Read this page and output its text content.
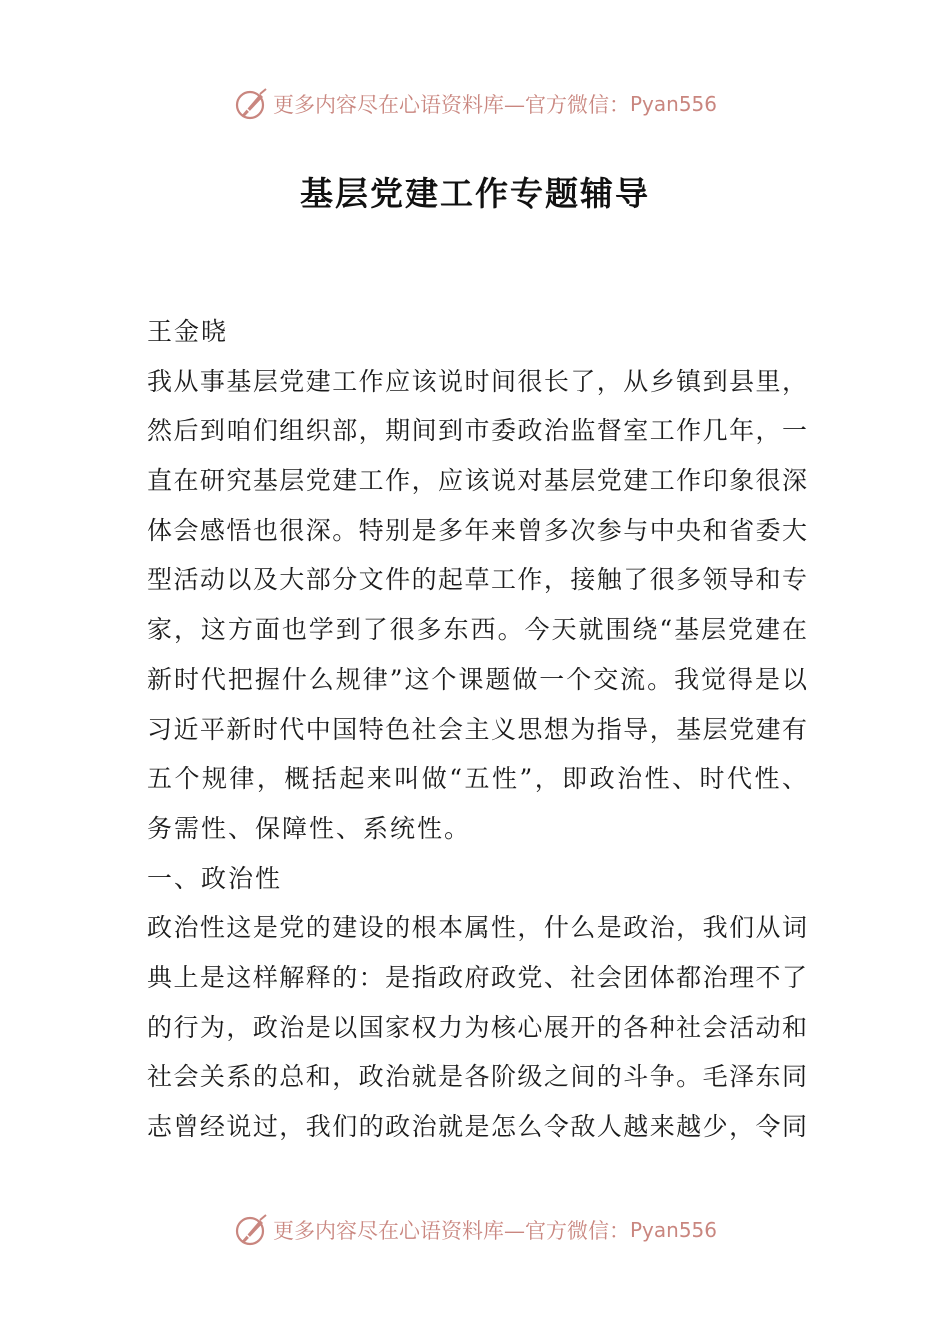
更多内容尽在心语资料库—官方微信： Pyan556
基层党建工作专题辅导
王金晓
我从事基层党建工作应该说时间很长了，从乡镇到县里，
然后到咱们组织部，期间到市委政治监督室工作几年，一
直在研究基层党建工作，应该说对基层党建工作印象很深
体会感悟也很深。特别是多年来曾多次参与中央和省委大
型活动以及大部分文件的起草工作，接触了很多领导和专
家，这方面也学到了很多东西。今天就围绕“基层党建在
新时代把握什么规律”这个课题做一个交流。我觉得是以
习近平新时代中国特色社会主义思想为指导，基层党建有
五个规律，概括起来叫做“五性”，即政治性、时代性、
务需性、保障性、系统性。
一、政治性
政治性这是党的建设的根本属性，什么是政治，我们从词
典上是这样解释的：是指政府政党、社会团体都治理不了
的行为，政治是以国家权力为核心展开的各种社会活动和
社会关系的总和，政治就是各阶级之间的斗争。毛泽东同
志曾经说过，我们的政治就是怎么令敌人越来越少，令同
更多内容尽在心语资料库—官方微信： Pyan556
